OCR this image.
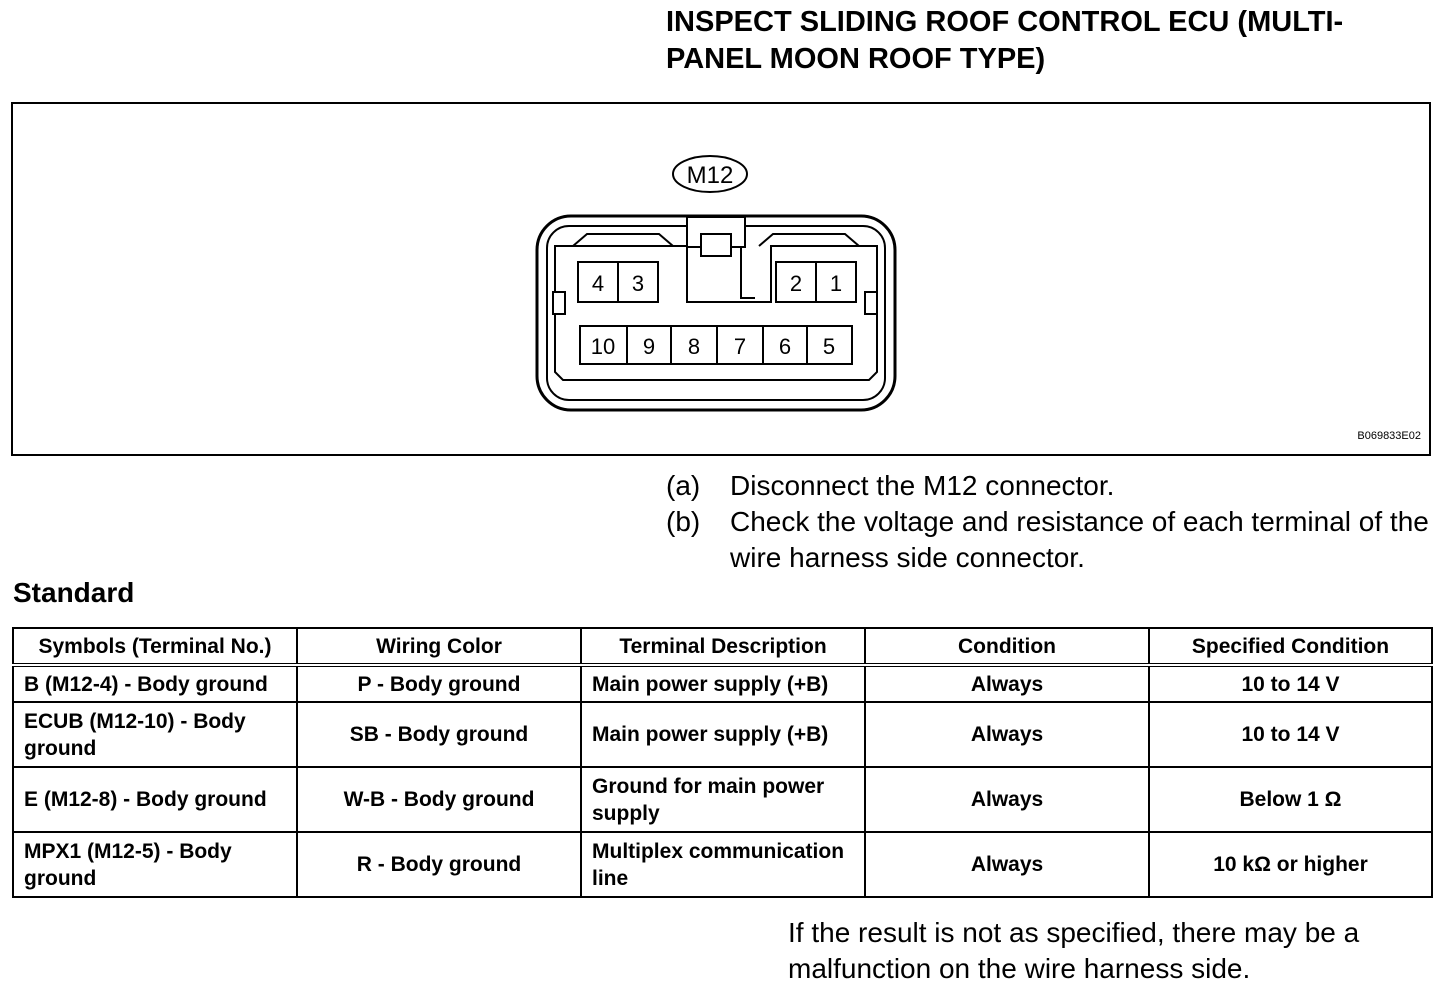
INSPECT SLIDING ROOF CONTROL ECU (MULTI-
PANEL MOON ROOF TYPE)
M12
4 3	2 1
10 9 8 7 6 5
B069833E02
(a)	Disconnect the M12 connector.
(b)	Check the voltage and resistance of each terminal of the wire harness side connector.
Standard
Symbols (Terminal No.)	Wiring Color	Terminal Description	Condition	Specified Condition
B (M12-4) - Body ground	P - Body ground	Main power supply (+B)	Always	10 to 14 V
ECUB (M12-10) - Body ground	SB - Body ground	Main power supply (+B)	Always	10 to 14 V
E (M12-8) - Body ground	W-B - Body ground	Ground for main power supply	Always	Below 1 Ω
MPX1 (M12-5) - Body ground	R - Body ground	Multiplex communication line	Always	10 kΩ or higher
If the result is not as specified, there may be a malfunction on the wire harness side.
